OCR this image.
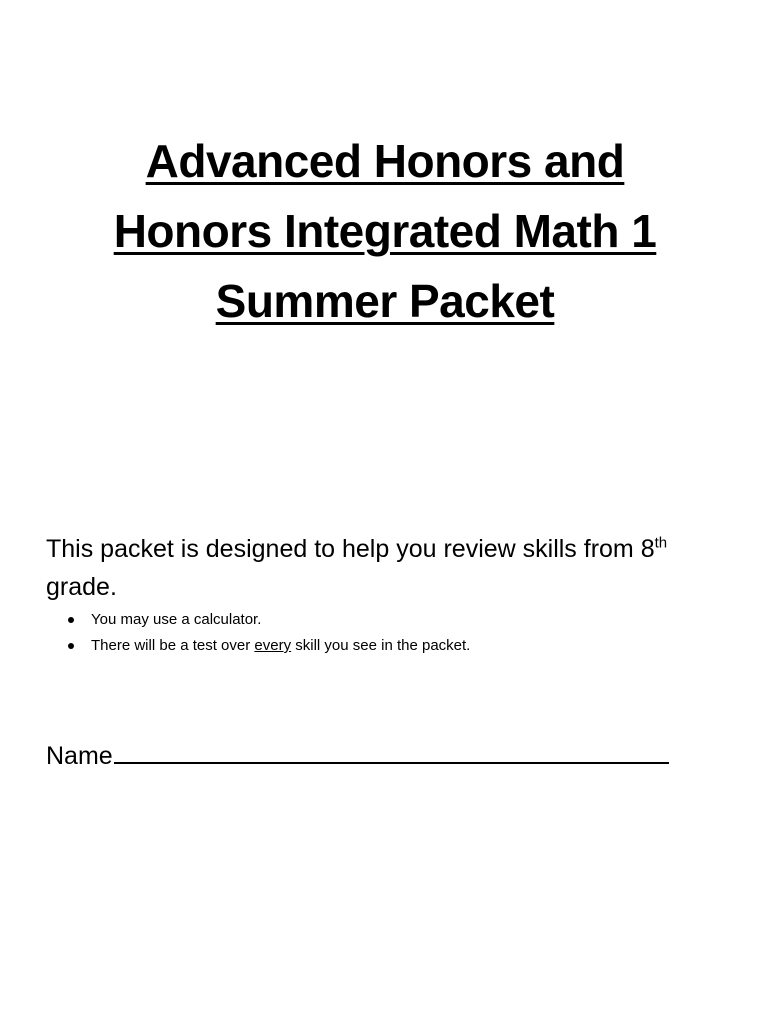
Advanced Honors and
Honors Integrated Math 1
Summer Packet

This packet is designed to help you review skills from 8th grade.

You may use a calculator.
There will be a test over every skill you see in the packet.
Name
